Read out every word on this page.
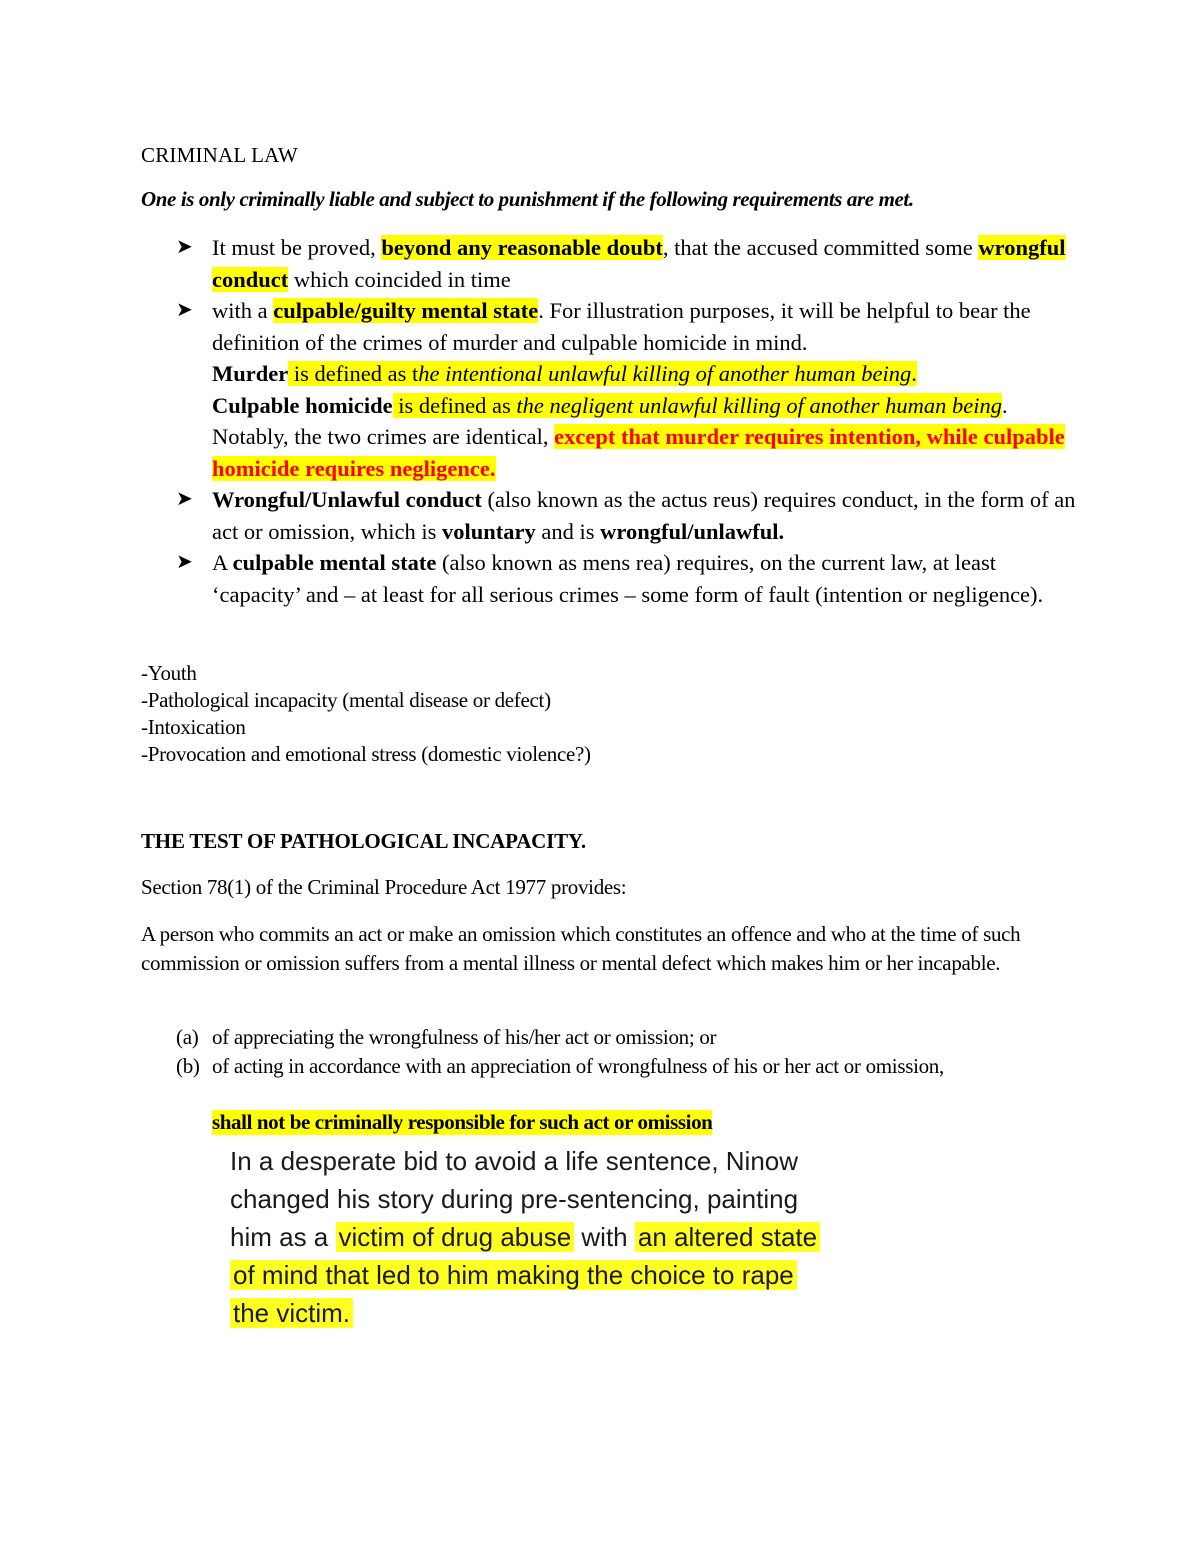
CRIMINAL LAW
One is only criminally liable and subject to punishment if the following requirements are met.
➤ It must be proved, beyond any reasonable doubt, that the accused committed some wrongful conduct which coincided in time
➤ with a culpable/guilty mental state. For illustration purposes, it will be helpful to bear the definition of the crimes of murder and culpable homicide in mind.
Murder is defined as the intentional unlawful killing of another human being.
Culpable homicide is defined as the negligent unlawful killing of another human being. Notably, the two crimes are identical, except that murder requires intention, while culpable homicide requires negligence.
➤ Wrongful/Unlawful conduct (also known as the actus reus) requires conduct, in the form of an act or omission, which is voluntary and is wrongful/unlawful.
➤ A culpable mental state (also known as mens rea) requires, on the current law, at least ‘capacity’ and – at least for all serious crimes – some form of fault (intention or negligence).
-Youth
-Pathological incapacity (mental disease or defect)
-Intoxication
-Provocation and emotional stress (domestic violence?)
THE TEST OF PATHOLOGICAL INCAPACITY.
Section 78(1) of the Criminal Procedure Act 1977 provides:
A person who commits an act or make an omission which constitutes an offence and who at the time of such commission or omission suffers from a mental illness or mental defect which makes him or her incapable.
(a) of appreciating the wrongfulness of his/her act or omission; or
(b) of acting in accordance with an appreciation of wrongfulness of his or her act or omission,
shall not be criminally responsible for such act or omission
In a desperate bid to avoid a life sentence, Ninow
changed his story during pre-sentencing, painting
him as a victim of drug abuse with an altered state
of mind that led to him making the choice to rape
the victim.
